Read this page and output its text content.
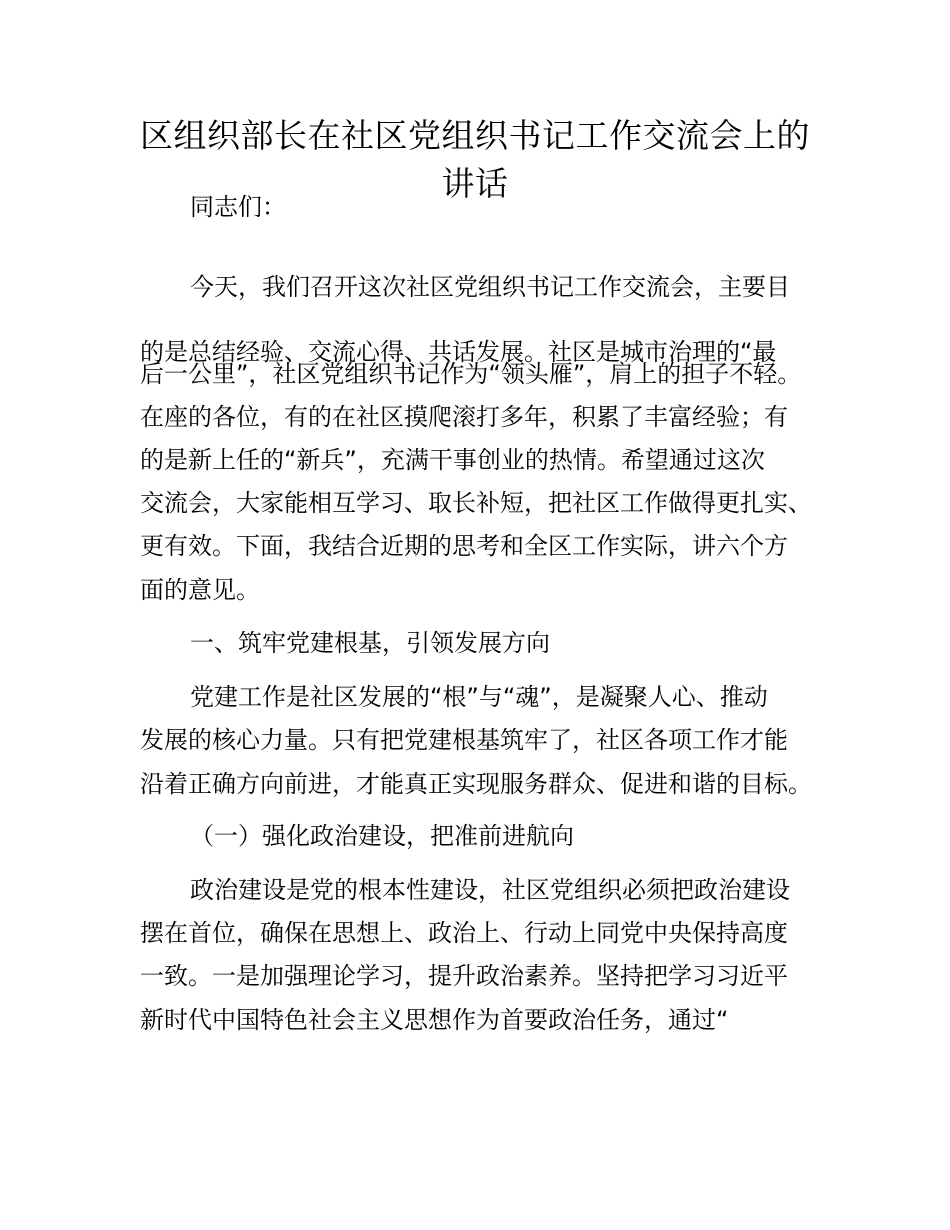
区组织部长在社区党组织书记工作交流会上的
讲话
同志们：
今天，我们召开这次社区党组织书记工作交流会，主要目
的是总结经验、交流心得、共话发展。社区是城市治理的“最
后一公里”，社区党组织书记作为“领头雁”，肩上的担子不轻。
在座的各位，有的在社区摸爬滚打多年，积累了丰富经验；有
的是新上任的“新兵”，充满干事创业的热情。希望通过这次
交流会，大家能相互学习、取长补短，把社区工作做得更扎实、
更有效。下面，我结合近期的思考和全区工作实际，讲六个方
面的意见。
一、筑牢党建根基，引领发展方向
党建工作是社区发展的“根”与“魂”，是凝聚人心、推动
发展的核心力量。只有把党建根基筑牢了，社区各项工作才能
沿着正确方向前进，才能真正实现服务群众、促进和谐的目标。
（一）强化政治建设，把准前进航向
政治建设是党的根本性建设，社区党组织必须把政治建设
摆在首位，确保在思想上、政治上、行动上同党中央保持高度
一致。一是加强理论学习，提升政治素养。坚持把学习习近平
新时代中国特色社会主义思想作为首要政治任务，通过“
